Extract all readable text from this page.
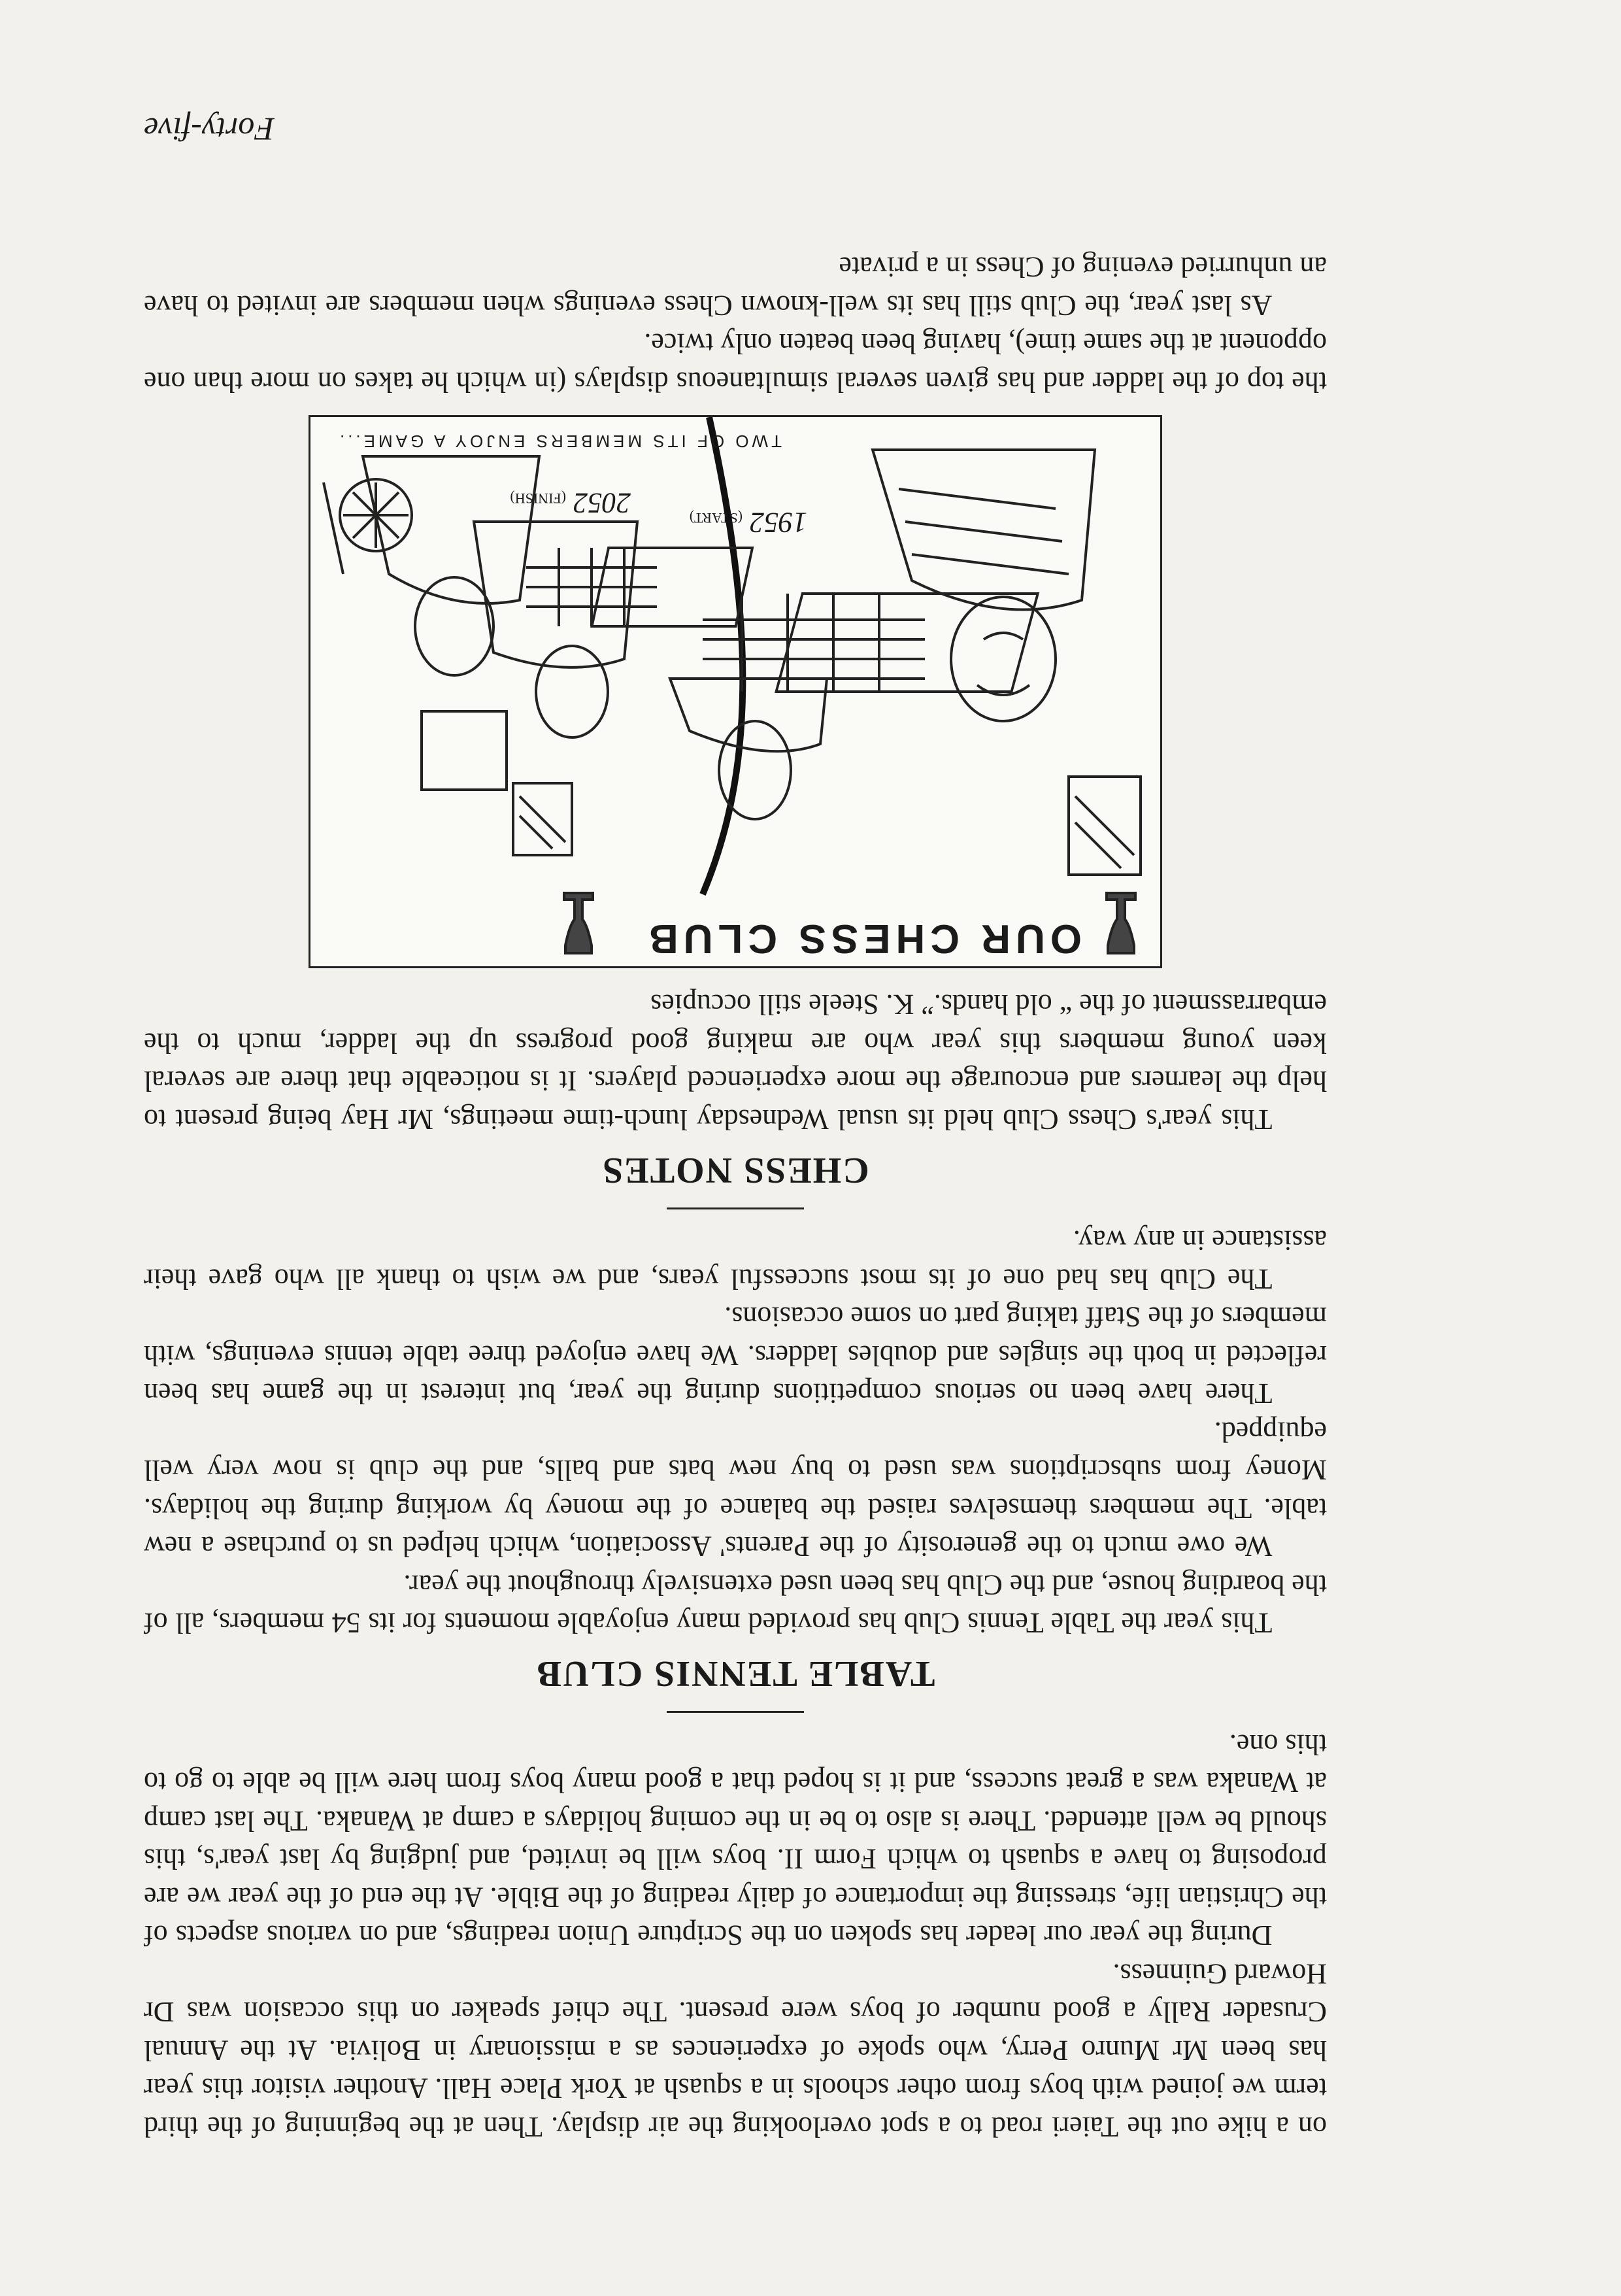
on a hike out the Taieri road to a spot overlooking the air display. Then at the beginning of the third term we joined with boys from other schools in a squash at York Place Hall. Another visitor this year has been Mr Munro Perry, who spoke of experiences as a missionary in Bolivia. At the Annual Crusader Rally a good number of boys were present. The chief speaker on this occasion was Dr Howard Guinness.

During the year our leader has spoken on the Scripture Union readings, and on various aspects of the Christian life, stressing the importance of daily reading of the Bible. At the end of the year we are proposing to have a squash to which Form II. boys will be invited, and judging by last year's, this should be well attended. There is also to be in the coming holidays a camp at Wanaka. The last camp at Wanaka was a great success, and it is hoped that a good many boys from here will be able to go to this one.

TABLE TENNIS CLUB

This year the Table Tennis Club has provided many enjoyable moments for its 54 members, all of the boarding house, and the Club has been used extensively throughout the year.

We owe much to the generosity of the Parents' Association, which helped us to purchase a new table. The members themselves raised the balance of the money by working during the holidays. Money from subscriptions was used to buy new bats and balls, and the club is now very well equipped.

There have been no serious competitions during the year, but interest in the game has been reflected in both the singles and doubles ladders. We have enjoyed three table tennis evenings, with members of the Staff taking part on some occasions.

The Club has had one of its most successful years, and we wish to thank all who gave their assistance in any way.

CHESS NOTES

This year's Chess Club held its usual Wednesday lunch-time meetings, Mr Hay being present to help the learners and encourage the more experienced players. It is noticeable that there are several keen young members this year who are making good progress up the ladder, much to the embarrassment of the “ old hands.” K. Steele still occupies

OUR CHESS CLUB
1952 (START)
2052 (FINISH)
TWO OF ITS MEMBERS ENJOY A GAME...

the top of the ladder and has given several simultaneous displays (in which he takes on more than one opponent at the same time), having been beaten only twice.

As last year, the Club still has its well-known Chess evenings when members are invited to have an unhurried evening of Chess in a private

Forty-five
